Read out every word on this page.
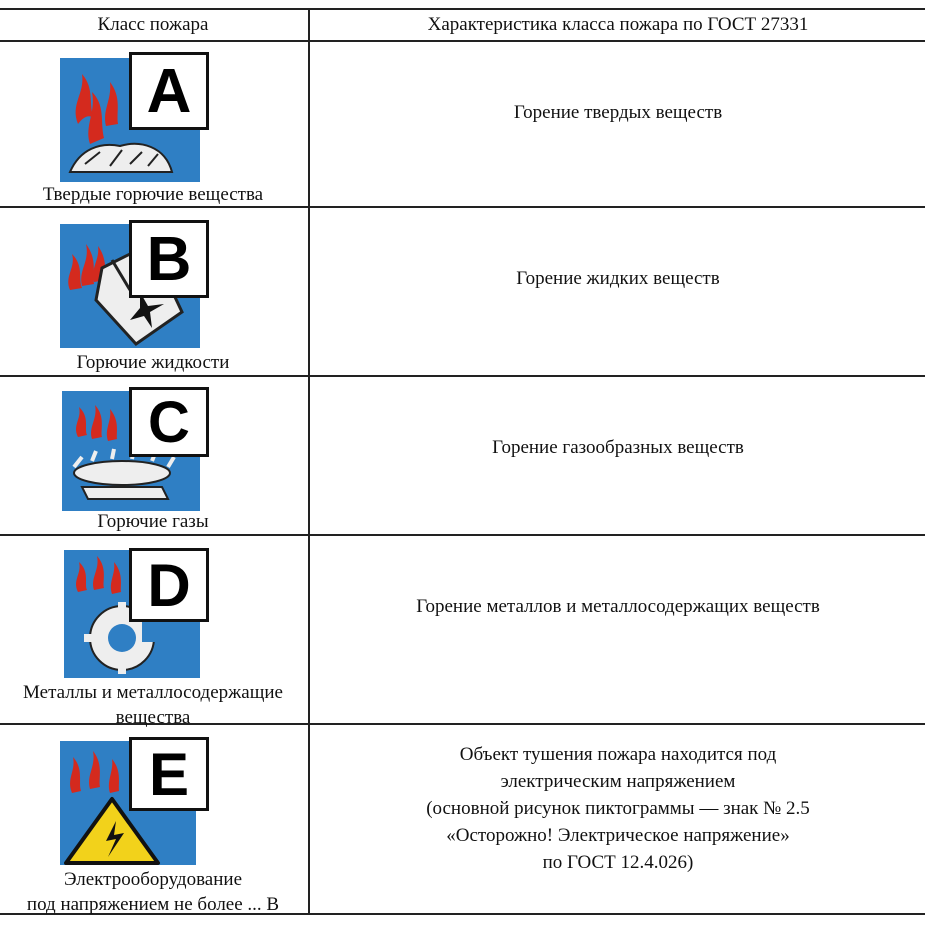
Класс пожара	Характеристика класса пожара по ГОСТ 27331
A
Твердые горючие вещества
Горение твердых веществ
B
Горючие жидкости
Горение жидких веществ
C
Горючие газы
Горение газообразных веществ
D
Металлы и металлосодержащие
вещества
Горение металлов и металлосодержащих веществ
E
Электрооборудование
под напряжением не более ... В
Объект тушения пожара находится под
электрическим напряжением
(основной рисунок пиктограммы — знак № 2.5
«Осторожно! Электрическое напряжение»
по ГОСТ 12.4.026)
